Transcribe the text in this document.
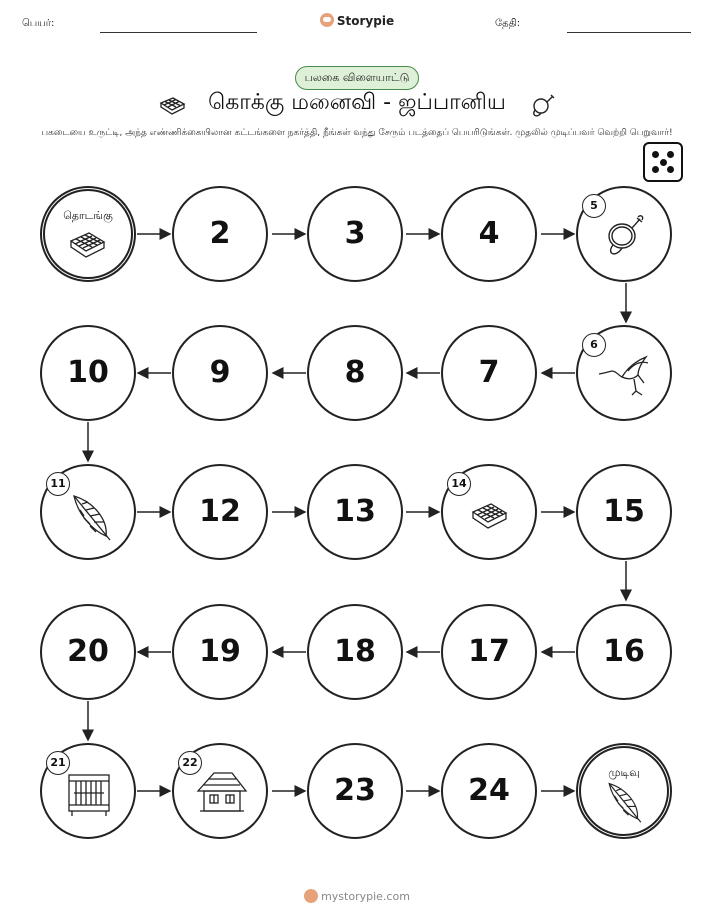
பெயர்:	Storypie	தேதி:
பலகை விளையாட்டு
கொக்கு மனைவி - ஜப்பானிய
பகடையை உருட்டி, அந்த எண்ணிக்கையிலான கட்டங்களை நகர்த்தி, நீங்கள் வந்து சேரும் படத்தைப் பெயரிடுங்கள். முதலில் முடிப்பவர் வெற்றி பெறுவார்!
தொடங்கு
2	3	4
5
10	9	8	7
6
11
12	13
14
15
20	19	18	17	16
21	22
23	24
முடிவு
mystorypie.com
